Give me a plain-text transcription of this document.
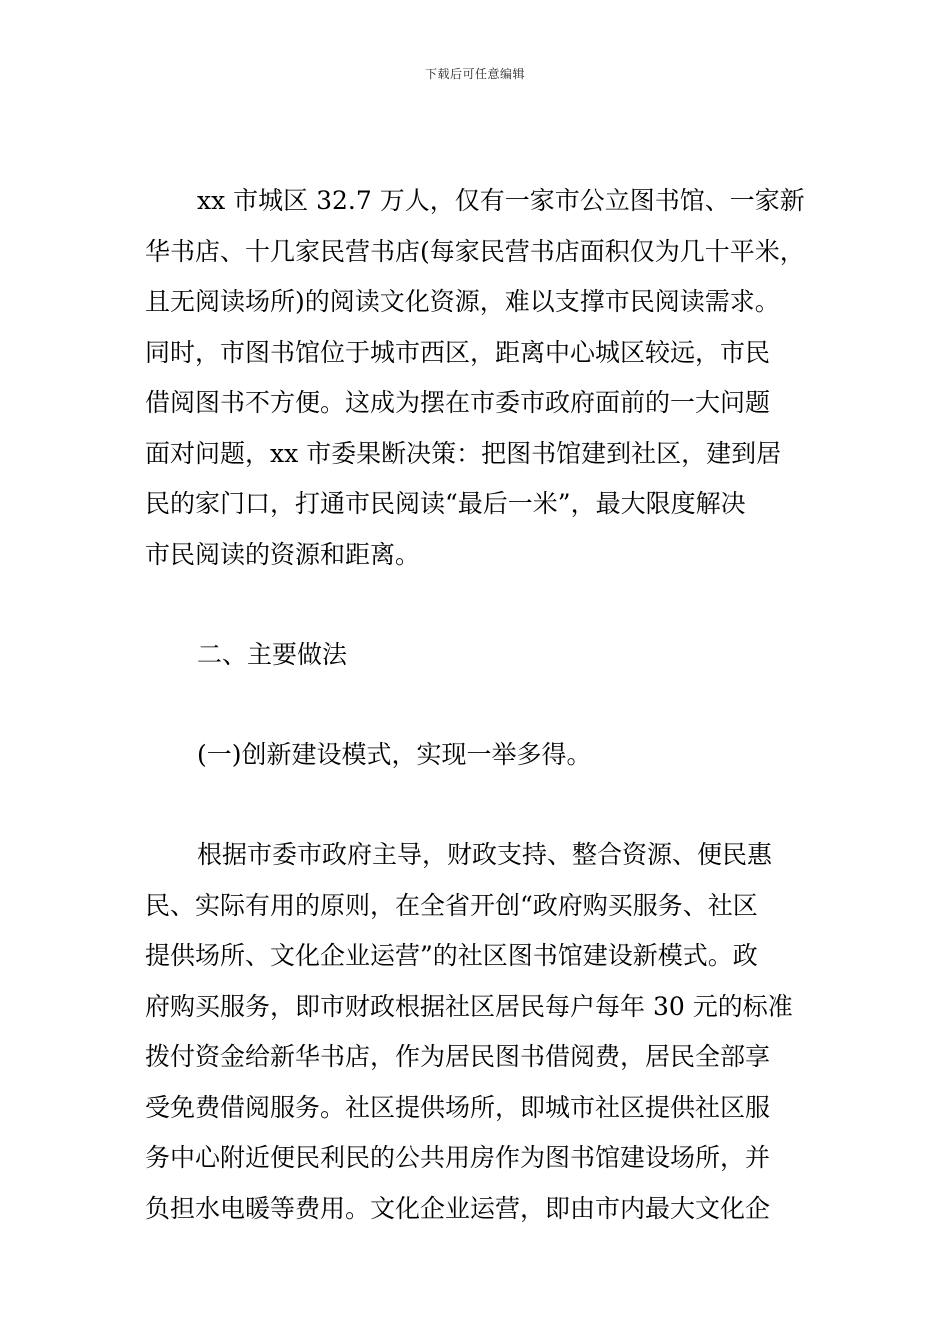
下载后可任意编辑
xx 市城区 32.7 万人，仅有一家市公立图书馆、一家新
华书店、十几家民营书店(每家民营书店面积仅为几十平米，
且无阅读场所)的阅读文化资源，难以支撑市民阅读需求。
同时，市图书馆位于城市西区，距离中心城区较远，市民
借阅图书不方便。这成为摆在市委市政府面前的一大问题
面对问题，xx 市委果断决策：把图书馆建到社区，建到居
民的家门口，打通市民阅读“最后一米”，最大限度解决
市民阅读的资源和距离。
二、主要做法
(一)创新建设模式，实现一举多得。
根据市委市政府主导，财政支持、整合资源、便民惠
民、实际有用的原则，在全省开创“政府购买服务、社区
提供场所、文化企业运营”的社区图书馆建设新模式。政
府购买服务，即市财政根据社区居民每户每年 30 元的标准
拨付资金给新华书店，作为居民图书借阅费，居民全部享
受免费借阅服务。社区提供场所，即城市社区提供社区服
务中心附近便民利民的公共用房作为图书馆建设场所，并
负担水电暖等费用。文化企业运营，即由市内最大文化企
